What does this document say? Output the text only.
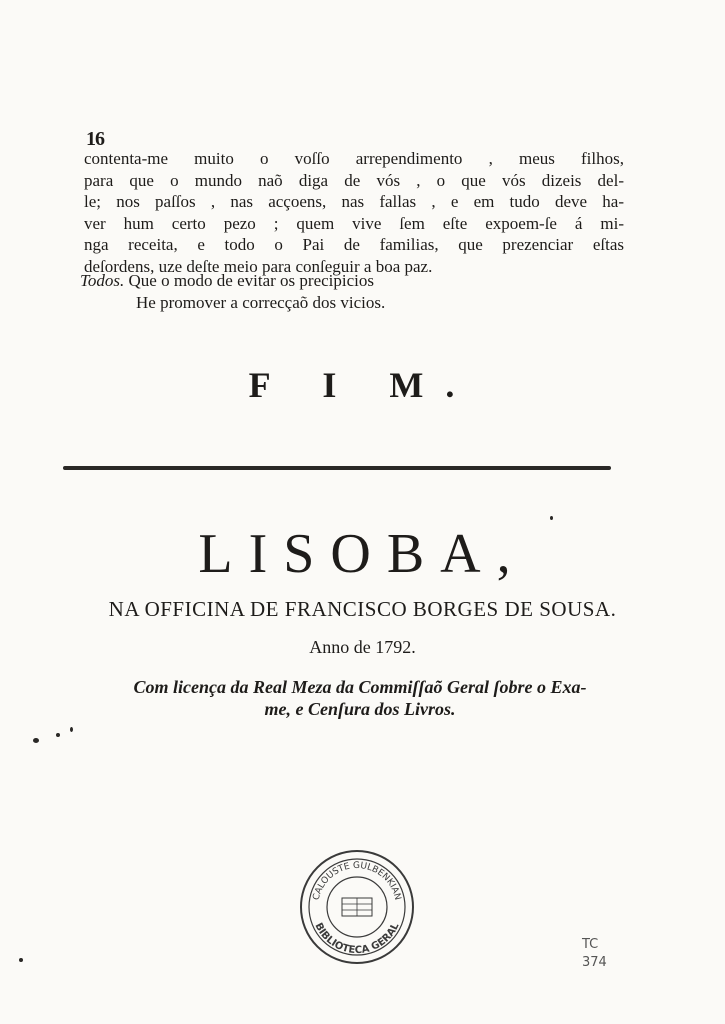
16
contenta-me muito o voſſo arrependimento , meus filhos,
para que o mundo naõ diga de vós , o que vós dizeis del-
le; nos paſſos , nas acçoens, nas fallas , e em tudo deve ha-
ver hum certo pezo ; quem vive ſem eſte expoem-ſe á mi-
nga receita, e todo o Pai de familias, que prezenciar eſtas
deſordens, uze deſte meio para conſeguir a boa paz.
Todos. Que o modo de evitar os precipicios
He promover a correcçaõ dos vicios.
F I M.
LISOBA,
NA OFFICINA DE FRANCISCO BORGES DE SOUSA.
Anno de 1792.
Com licença da Real Meza da Commiſſaõ Geral ſobre o Exa-
me, e Cenſura dos Livros.
CALOUSTE GULBENKIAN
BIBLIOTECA GERAL
TC
374
